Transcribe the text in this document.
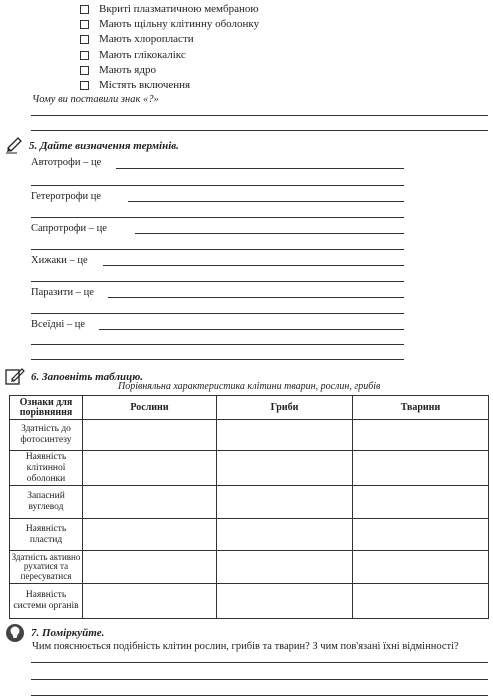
Вкриті плазматичною мембраною
Мають щільну клітинну оболонку
Мають хлоропласти
Мають глікокалікс
Мають ядро
Містять включення
Чому ви поставили знак «?»
5. Дайте визначення термінів.
Автотрофи – це
Гетеротрофи це
Сапротрофи – це
Хижаки – це
Паразити – це
Всеїдні – це
6. Заповніть таблицю.
Порівняльна характеристика клітини тварин, рослин, грибів
Ознаки для порівняння	Рослини	Гриби	Тварини
Здатність до фотосинтезу			
Наявність клітинної оболонки			
Запасний вуглевод			
Наявність пластид			
Здатність активно рухатися та пересуватися			
Наявність системи органів			
7. Поміркуйте.
Чим пояснюється подібність клітин рослин, грибів та тварин? З чим пов'язані їхні відмінності?
